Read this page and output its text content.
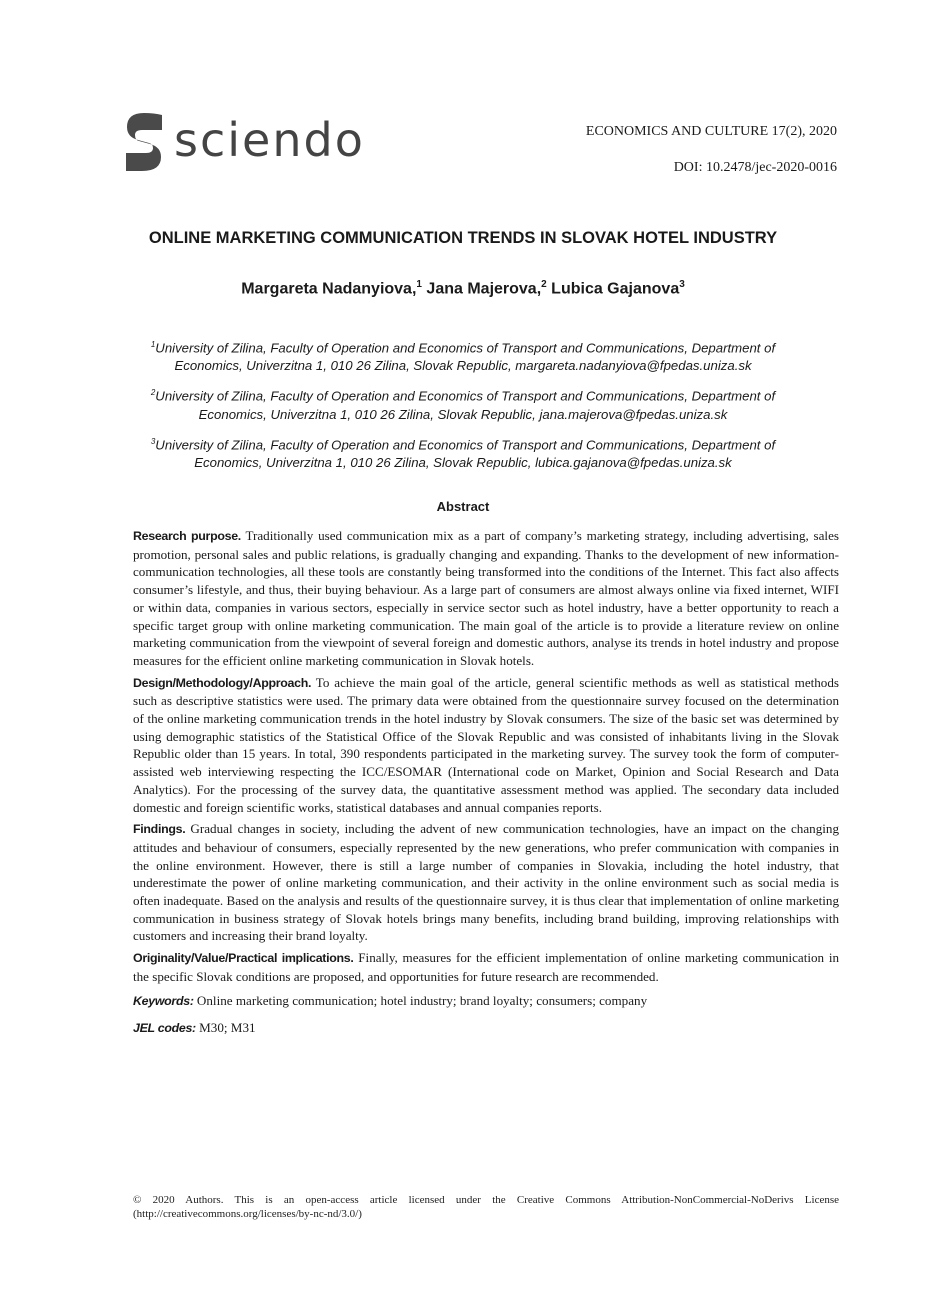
sciendo	ECONOMICS AND CULTURE 17(2), 2020
DOI: 10.2478/jec-2020-0016
ONLINE MARKETING COMMUNICATION TRENDS IN SLOVAK HOTEL INDUSTRY
Margareta Nadanyiova,$^1$ Jana Majerova,$^2$ Lubica Gajanova$^3$
$^1$University of Zilina, Faculty of Operation and Economics of Transport and Communications, Department of
Economics, Univerzitna 1, 010 26 Zilina, Slovak Republic, margareta.nadanyiova@fpedas.uniza.sk
$^2$University of Zilina, Faculty of Operation and Economics of Transport and Communications, Department of
Economics, Univerzitna 1, 010 26 Zilina, Slovak Republic, jana.majerova@fpedas.uniza.sk
$^3$University of Zilina, Faculty of Operation and Economics of Transport and Communications, Department of
Economics, Univerzitna 1, 010 26 Zilina, Slovak Republic, lubica.gajanova@fpedas.uniza.sk
Abstract

Research purpose. Traditionally used communication mix as a part of company’s marketing strategy, including advertising, sales promotion, personal sales and public relations, is gradually changing and expanding. Thanks to the development of new information-communication technologies, all these tools are constantly being transformed into the conditions of the Internet. This fact also affects consumer’s lifestyle, and thus, their buying behaviour. As a large part of consumers are almost always online via fixed internet, WIFI or within data, companies in various sectors, especially in service sector such as hotel industry, have a better opportunity to reach a specific target group with online marketing communication. The main goal of the article is to provide a literature review on online marketing communication from the viewpoint of several foreign and domestic authors, analyse its trends in hotel industry and propose measures for the efficient online marketing communication in Slovak hotels.

Design/Methodology/Approach. To achieve the main goal of the article, general scientific methods as well as statistical methods such as descriptive statistics were used. The primary data were obtained from the questionnaire survey focused on the determination of the online marketing communication trends in the hotel industry by Slovak consumers. The size of the basic set was determined by using demographic statistics of the Statistical Office of the Slovak Republic and was consisted of inhabitants living in the Slovak Republic older than 15 years. In total, 390 respondents participated in the marketing survey. The survey took the form of computer-assisted web interviewing respecting the ICC/ESOMAR (International code on Market, Opinion and Social Research and Data Analytics). For the processing of the survey data, the quantitative assessment method was applied. The secondary data included domestic and foreign scientific works, statistical databases and annual companies reports.

Findings. Gradual changes in society, including the advent of new communication technologies, have an impact on the changing attitudes and behaviour of consumers, especially represented by the new generations, who prefer communication with companies in the online environment. However, there is still a large number of companies in Slovakia, including the hotel industry, that underestimate the power of online marketing communication, and their activity in the online environment such as social media is often inadequate. Based on the analysis and results of the questionnaire survey, it is thus clear that implementation of online marketing communication in business strategy of Slovak hotels brings many benefits, including brand building, improving relationships with customers and increasing their brand loyalty.

Originality/Value/Practical implications. Finally, measures for the efficient implementation of online marketing communication in the specific Slovak conditions are proposed, and opportunities for future research are recommended.

Keywords: Online marketing communication; hotel industry; brand loyalty; consumers; company

JEL codes: M30; M31

© 2020 Authors. This is an open-access article licensed under the Creative Commons Attribution-NonCommercial-NoDerivs License (http://creativecommons.org/licenses/by-nc-nd/3.0/)
